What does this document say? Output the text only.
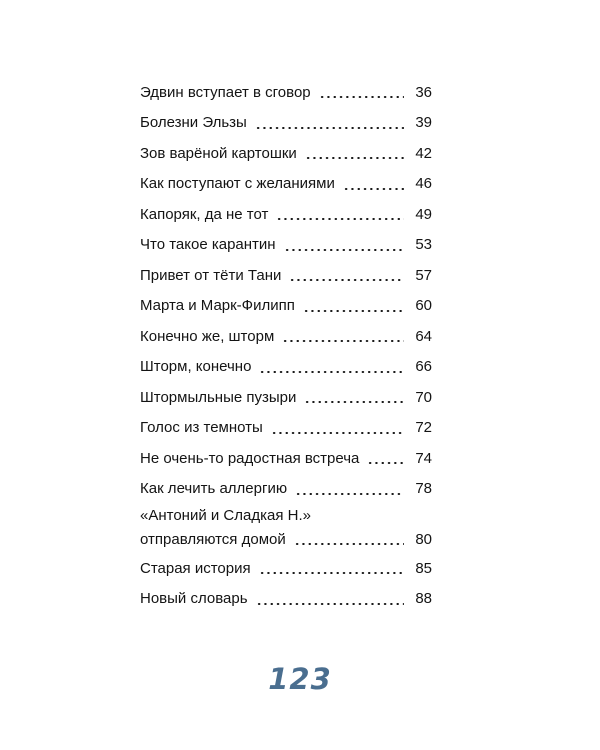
Эдвин вступает в сговор	36
Болезни Эльзы	39
Зов варёной картошки	42
Как поступают с желаниями	46
Капоряк, да не тот	49
Что такое карантин	53
Привет от тёти Тани	57
Марта и Марк-Филипп	60
Конечно же, шторм	64
Шторм, конечно	66
Штормыльные пузыри	70
Голос из темноты	72
Не очень-то радостная встреча	74
Как лечить аллергию	78
«Антоний и Сладкая Н.»
отправляются домой	80
Старая история	85
Новый словарь	88
123
